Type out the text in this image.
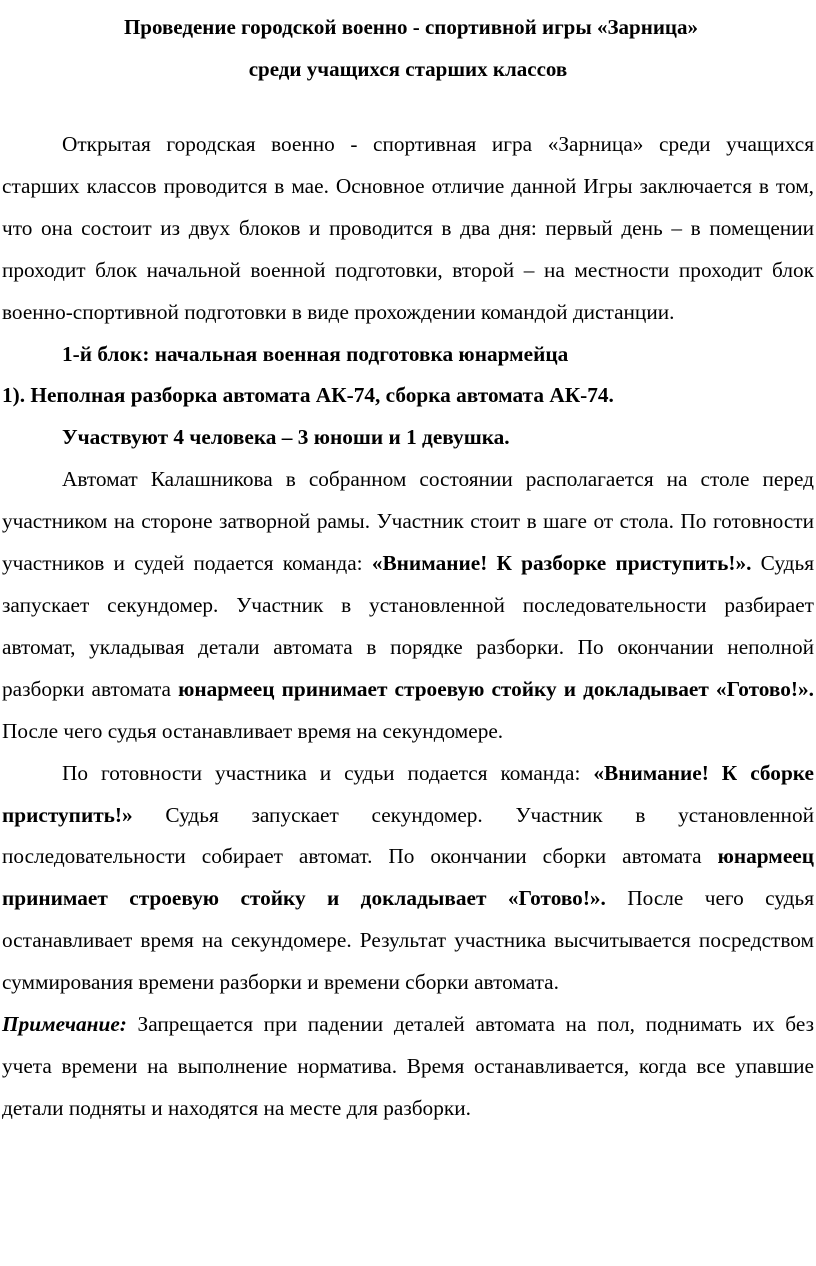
Проведение городской военно - спортивной игры «Зарница»
среди учащихся старших классов

Открытая городская военно - спортивная игра «Зарница» среди учащихся старших классов проводится в мае. Основное отличие данной Игры заключается в том, что она состоит из двух блоков и проводится в два дня: первый день – в помещении проходит блок начальной военной подготовки, второй – на местности проходит блок военно-спортивной подготовки в виде прохождении командой дистанции.

1-й блок: начальная военная подготовка юнармейца

1). Неполная разборка автомата АК-74, сборка автомата АК-74.

Участвуют 4 человека – 3 юноши и 1 девушка.

Автомат Калашникова в собранном состоянии располагается на столе перед участником на стороне затворной рамы. Участник стоит в шаге от стола. По готовности участников и судей подается команда: «Внимание! К разборке приступить!». Судья запускает секундомер. Участник в установленной последовательности разбирает автомат, укладывая детали автомата в порядке разборки. По окончании неполной разборки автомата юнармеец принимает строевую стойку и докладывает «Готово!». После чего судья останавливает время на секундомере.

По готовности участника и судьи подается команда: «Внимание! К сборке приступить!» Судья запускает секундомер. Участник в установленной последовательности собирает автомат. По окончании сборки автомата юнармеец принимает строевую стойку и докладывает «Готово!». После чего судья останавливает время на секундомере. Результат участника высчитывается посредством суммирования времени разборки и времени сборки автомата.

Примечание: Запрещается при падении деталей автомата на пол, поднимать их без учета времени на выполнение норматива. Время останавливается, когда все упавшие детали подняты и находятся на месте для разборки.
